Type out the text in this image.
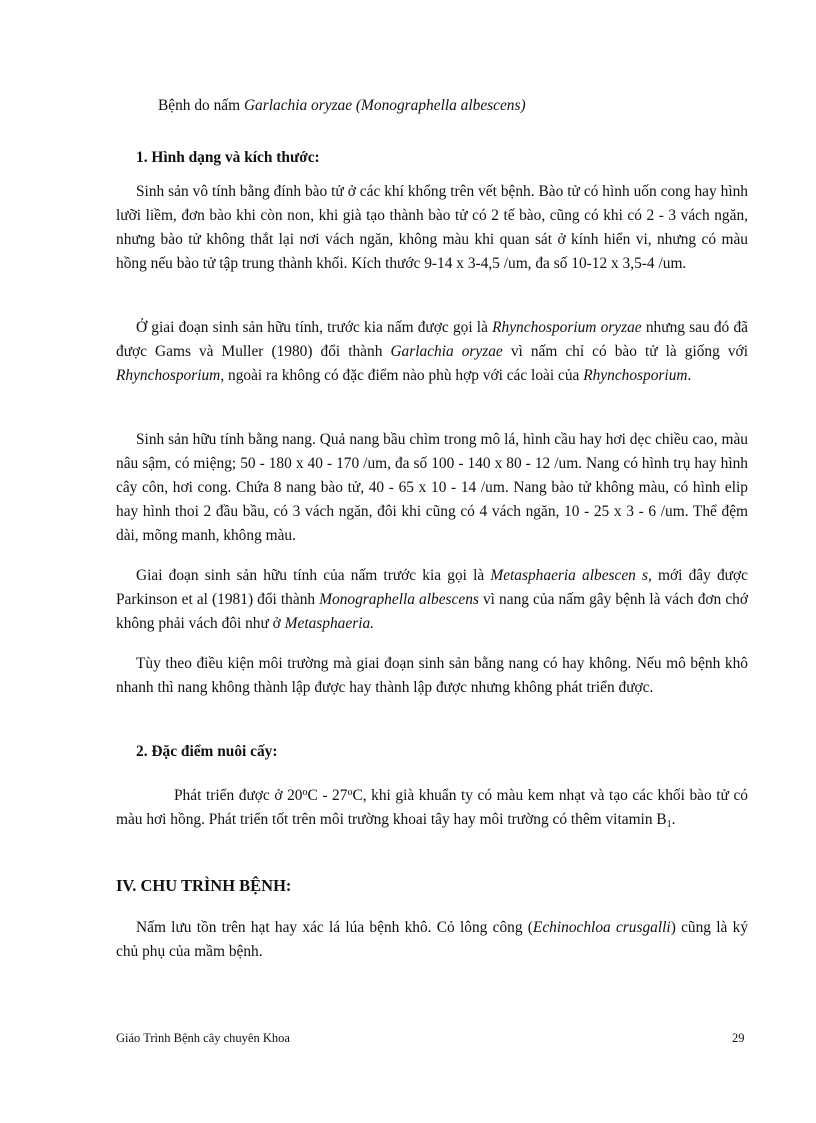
Bệnh do nấm Garlachia oryzae (Monographella albescens)
1. Hình dạng và kích thước:

Sinh sản vô tính bằng đính bào tử ở các khí khổng trên vết bệnh. Bào tử có hình uốn cong hay hình lưỡi liềm, đơn bào khi còn non, khi già tạo thành bào tử có 2 tế bào, cũng có khi có 2 - 3 vách ngăn, nhưng bào tử không thắt lại nơi vách ngăn, không màu khi quan sát ở kính hiển vi, nhưng có màu hồng nếu bào tử tập trung thành khối. Kích thước 9-14 x 3-4,5 /um, đa số 10-12 x 3,5-4 /um.

Ở giai đoạn sinh sản hữu tính, trước kia nấm được gọi là Rhynchosporium oryzae nhưng sau đó đã được Gams và Muller (1980) đổi thành Garlachia oryzae vì nấm chỉ có bào tử là giống với Rhynchosporium, ngoài ra không có đặc điểm nào phù hợp với các loài của Rhynchosporium.

Sinh sản hữu tính bằng nang. Quả nang bầu chìm trong mô lá, hình cầu hay hơi dẹc chiều cao, màu nâu sậm, có miệng; 50 - 180 x 40 - 170 /um, đa số 100 - 140 x 80 - 12 /um. Nang có hình trụ hay hình cây côn, hơi cong. Chứa 8 nang bào tử, 40 - 65 x 10 - 14 /um. Nang bào tử không màu, có hình elip hay hình thoi 2 đầu bầu, có 3 vách ngăn, đôi khi cũng có 4 vách ngăn, 10 - 25 x 3 - 6 /um. Thể đệm dài, mõng manh, không màu.

Giai đoạn sinh sản hữu tính của nấm trước kia gọi là Metasphaeria albescen s, mới đây được Parkinson et al (1981) đổi thành Monographella albescens vì nang của nấm gây bệnh là vách đơn chớ không phải vách đôi như ở Metasphaeria.

Tùy theo điều kiện môi trường mà giai đoạn sinh sản bằng nang có hay không. Nếu mô bệnh khô nhanh thì nang không thành lập được hay thành lập được nhưng không phát triển được.

2. Đặc điểm nuôi cấy:

Phát triển được ở 20$^o$C - 27$^o$C, khi già khuẩn ty có màu kem nhạt và tạo các khối bào tử có màu hơi hồng. Phát triển tốt trên môi trường khoai tây hay môi trường có thêm vitamin $B_1$.

IV. CHU TRÌNH BỆNH:

Nấm lưu tồn trên hạt hay xác lá lúa bệnh khô. Cỏ lông công (Echinochloa crusgalli) cũng là ký chủ phụ của mầm bệnh.

Giáo Trình Bệnh cây chuyên Khoa	29
